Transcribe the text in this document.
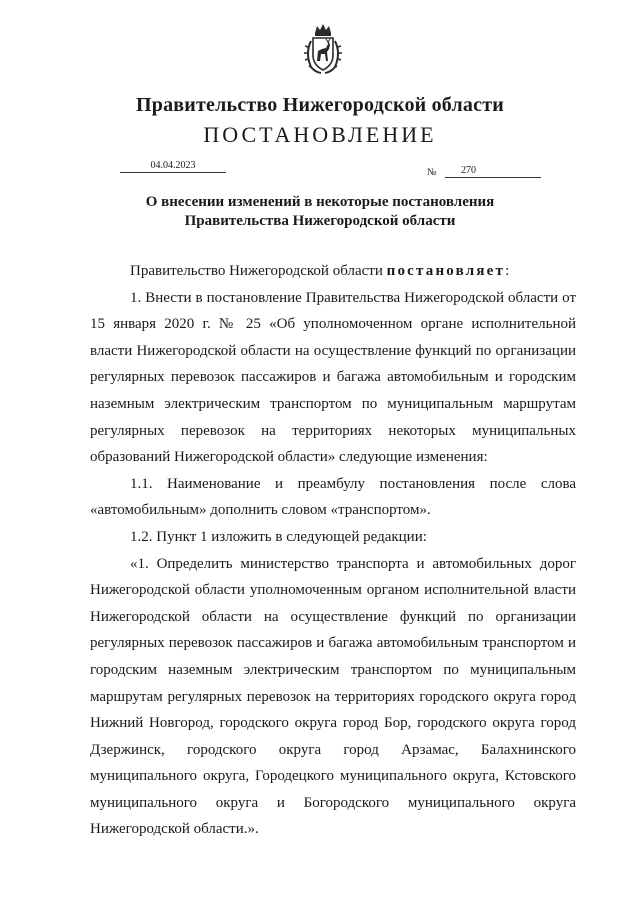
Правительство Нижегородской области
ПОСТАНОВЛЕНИЕ
04.04.2023
№	270
О внесении изменений в некоторые постановления
Правительства Нижегородской области

Правительство Нижегородской области постановляет:

1. Внести в постановление Правительства Нижегородской области от 15 января 2020 г. № 25 «Об уполномоченном органе исполнительной власти Нижегородской области на осуществление функций по организации регулярных перевозок пассажиров и багажа автомобильным и городским наземным электрическим транспортом по муниципальным маршрутам регулярных перевозок на территориях некоторых муниципальных образований Нижегородской области» следующие изменения:

1.1. Наименование и преамбулу постановления после слова «автомобильным» дополнить словом «транспортом».

1.2. Пункт 1 изложить в следующей редакции:

«1. Определить министерство транспорта и автомобильных дорог Нижегородской области уполномоченным органом исполнительной власти Нижегородской области на осуществление функций по организации регулярных перевозок пассажиров и багажа автомобильным транспортом и городским наземным электрическим транспортом по муниципальным маршрутам регулярных перевозок на территориях городского округа город Нижний Новгород, городского округа город Бор, городского округа город Дзержинск, городского округа город Арзамас, Балахнинского муниципального округа, Городецкого муниципального округа, Кстовского муниципального округа и Богородского муниципального округа Нижегородской области.».
